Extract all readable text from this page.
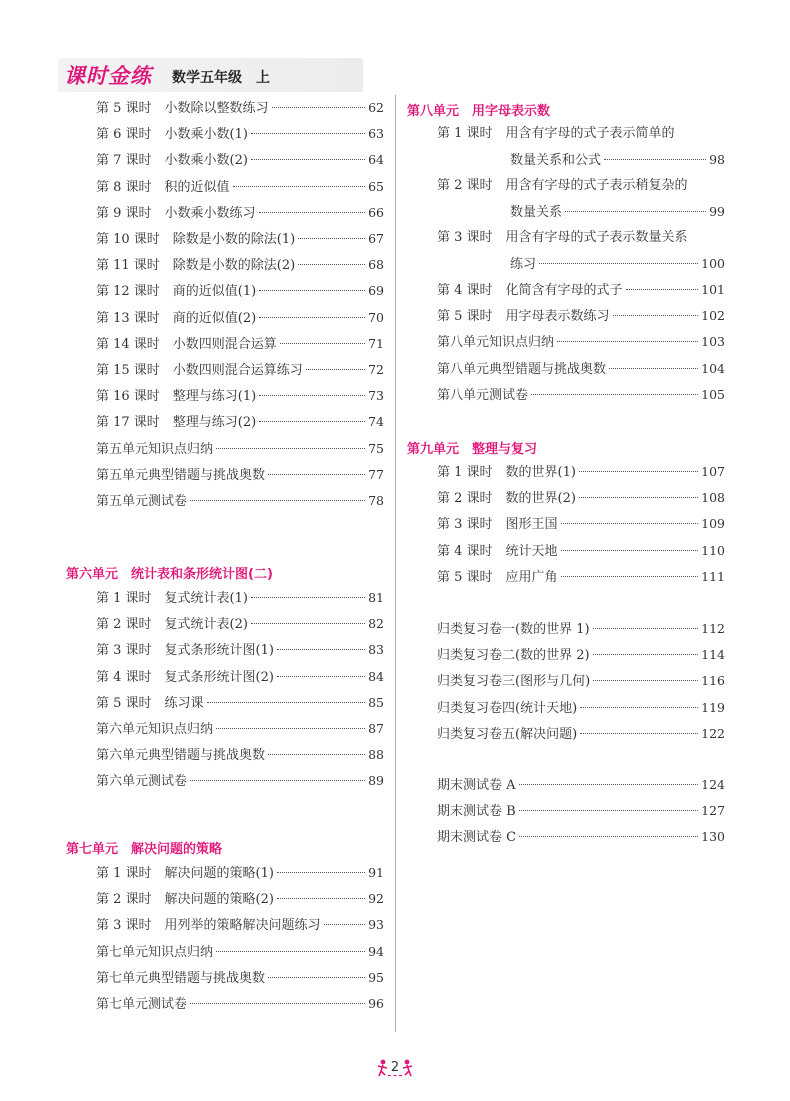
课时金练 数学五年级　上
第 5 课时　小数除以整数练习	62
第 6 课时　小数乘小数(1)	63
第 7 课时　小数乘小数(2)	64
第 8 课时　积的近似值	65
第 9 课时　小数乘小数练习	66
第 10 课时　除数是小数的除法(1)	67
第 11 课时　除数是小数的除法(2)	68
第 12 课时　商的近似值(1)	69
第 13 课时　商的近似值(2)	70
第 14 课时　小数四则混合运算	71
第 15 课时　小数四则混合运算练习	72
第 16 课时　整理与练习(1)	73
第 17 课时　整理与练习(2)	74
第五单元知识点归纳	75
第五单元典型错题与挑战奥数	77
第五单元测试卷	78
第六单元　统计表和条形统计图(二)
第 1 课时　复式统计表(1)	81
第 2 课时　复式统计表(2)	82
第 3 课时　复式条形统计图(1)	83
第 4 课时　复式条形统计图(2)	84
第 5 课时　练习课	85
第六单元知识点归纳	87
第六单元典型错题与挑战奥数	88
第六单元测试卷	89
第七单元　解决问题的策略
第 1 课时　解决问题的策略(1)	91
第 2 课时　解决问题的策略(2)	92
第 3 课时　用列举的策略解决问题练习	93
第七单元知识点归纳	94
第七单元典型错题与挑战奥数	95
第七单元测试卷	96
第八单元　用字母表示数
第 1 课时　用含有字母的式子表示简单的
数量关系和公式	98
第 2 课时　用含有字母的式子表示稍复杂的
数量关系	99
第 3 课时　用含有字母的式子表示数量关系
练习	100
第 4 课时　化简含有字母的式子	101
第 5 课时　用字母表示数练习	102
第八单元知识点归纳	103
第八单元典型错题与挑战奥数	104
第八单元测试卷	105
第九单元　整理与复习
第 1 课时　数的世界(1)	107
第 2 课时　数的世界(2)	108
第 3 课时　图形王国	109
第 4 课时　统计天地	110
第 5 课时　应用广角	111
归类复习卷一(数的世界 1)	112
归类复习卷二(数的世界 2)	114
归类复习卷三(图形与几何)	116
归类复习卷四(统计天地)	119
归类复习卷五(解决问题)	122
期末测试卷 A	124
期末测试卷 B	127
期末测试卷 C	130
2
